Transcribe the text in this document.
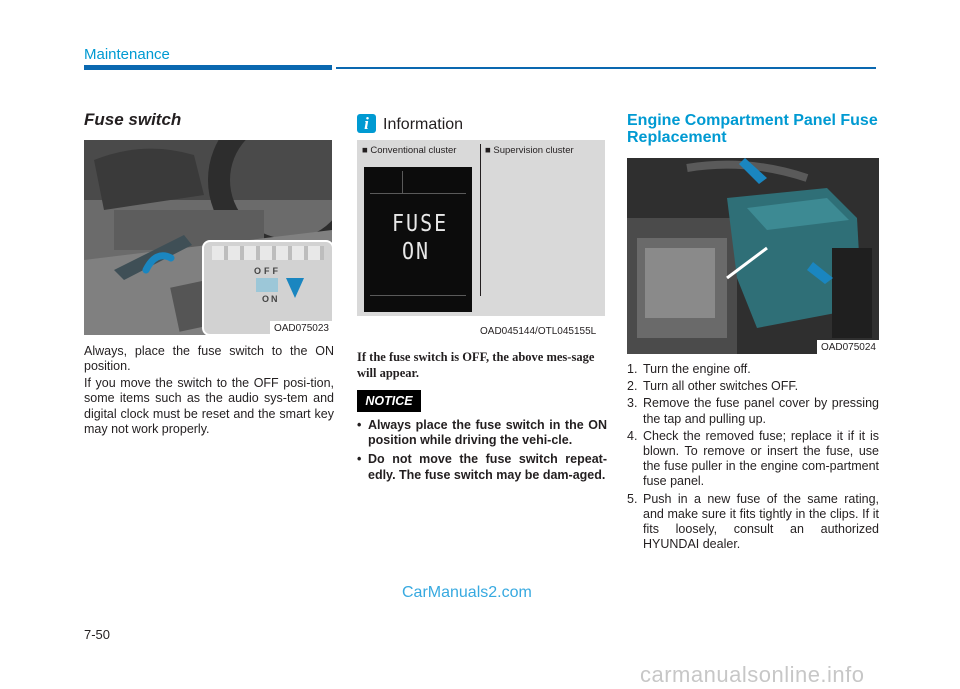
Maintenance
Fuse switch
OFF
ON
OAD075023
Always, place the fuse switch to the ON position.
If you move the switch to the OFF posi-tion, some items such as the audio sys-tem and digital clock must be reset and the smart key may not work properly.
i Information
■ Conventional cluster	■ Supervision cluster
FUSE
ON
OAD045144/OTL045155L
If the fuse switch is OFF, the above mes-sage will appear.
NOTICE
• Always place the fuse switch in the ON position while driving the vehi-cle.
• Do not move the fuse switch repeat-edly. The fuse switch may be dam-aged.
Engine Compartment Panel Fuse Replacement
OAD075024
1. Turn the engine off.
2. Turn all other switches OFF.
3. Remove the fuse panel cover by pressing the tap and pulling up.
4. Check the removed fuse; replace it if it is blown. To remove or insert the fuse, use the fuse puller in the engine com-partment fuse panel.
5. Push in a new fuse of the same rating, and make sure it fits tightly in the clips. If it fits loosely, consult an authorized HYUNDAI dealer.
CarManuals2.com
7-50
carmanualsonline.info
